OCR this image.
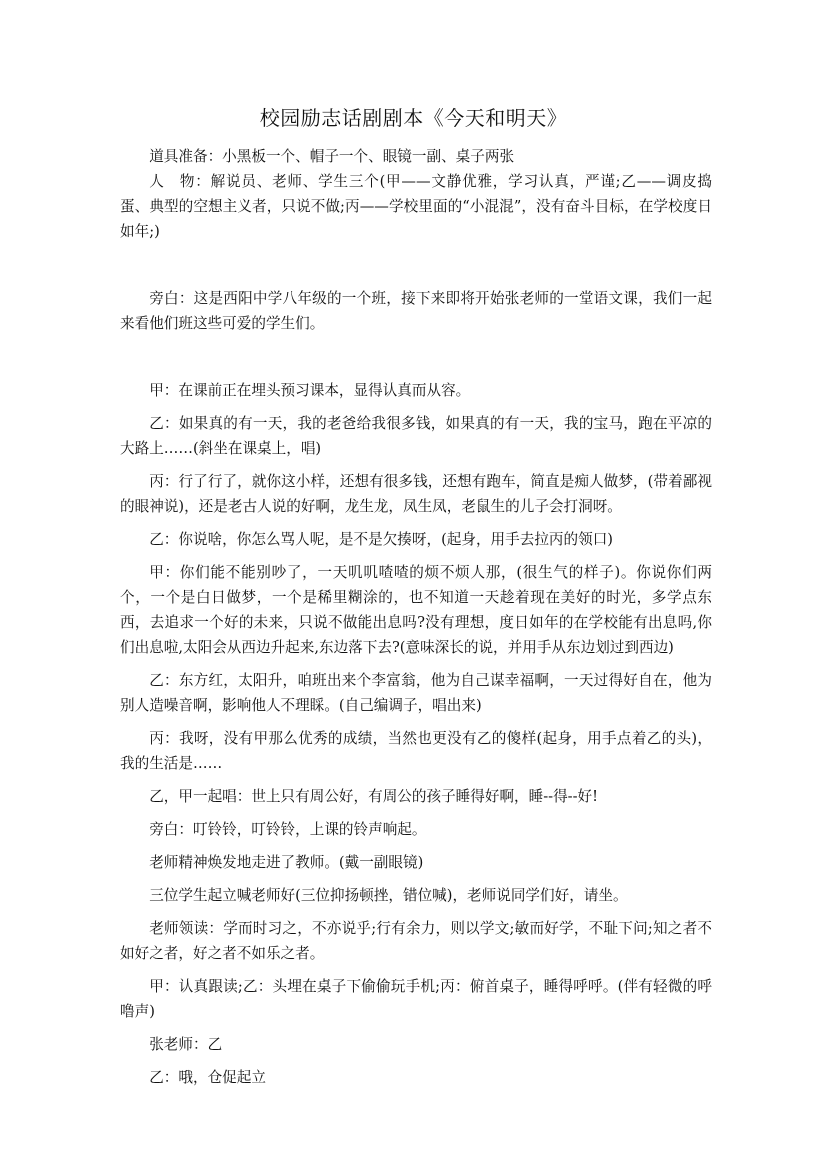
校园励志话剧剧本《今天和明天》

道具准备：小黑板一个、帽子一个、眼镜一副、桌子两张

人　物：解说员、老师、学生三个(甲——文静优雅，学习认真，严谨;乙——调皮捣蛋、典型的空想主义者，只说不做;丙——学校里面的“小混混”，没有奋斗目标，在学校度日如年;)

旁白：这是西阳中学八年级的一个班，接下来即将开始张老师的一堂语文课，我们一起来看他们班这些可爱的学生们。

甲：在课前正在埋头预习课本，显得认真而从容。

乙：如果真的有一天，我的老爸给我很多钱，如果真的有一天，我的宝马，跑在平凉的大路上……(斜坐在课桌上，唱)

丙：行了行了，就你这小样，还想有很多钱，还想有跑车，简直是痴人做梦，(带着鄙视的眼神说)，还是老古人说的好啊，龙生龙，凤生凤，老鼠生的儿子会打洞呀。

乙：你说啥，你怎么骂人呢，是不是欠揍呀，(起身，用手去拉丙的领口)

甲：你们能不能别吵了，一天叽叽喳喳的烦不烦人那，(很生气的样子)。你说你们两个，一个是白日做梦，一个是稀里糊涂的，也不知道一天趁着现在美好的时光，多学点东西，去追求一个好的未来，只说不做能出息吗?没有理想，度日如年的在学校能有出息吗,你们出息啦,太阳会从西边升起来,东边落下去?(意味深长的说，并用手从东边划过到西边)

乙：东方红，太阳升，咱班出来个李富翁，他为自己谋幸福啊，一天过得好自在，他为别人造噪音啊，影响他人不理睬。(自己编调子，唱出来)

丙：我呀，没有甲那么优秀的成绩，当然也更没有乙的傻样(起身，用手点着乙的头)，我的生活是……

乙，甲一起唱：世上只有周公好，有周公的孩子睡得好啊，睡--得--好!

旁白：叮铃铃，叮铃铃，上课的铃声响起。

老师精神焕发地走进了教师。(戴一副眼镜)

三位学生起立喊老师好(三位抑扬顿挫，错位喊)，老师说同学们好，请坐。

老师领读：学而时习之，不亦说乎;行有余力，则以学文;敏而好学，不耻下问;知之者不如好之者，好之者不如乐之者。

甲：认真跟读;乙：头埋在桌子下偷偷玩手机;丙：俯首桌子，睡得呼呼。(伴有轻微的呼噜声)

张老师：乙

乙：哦，仓促起立
